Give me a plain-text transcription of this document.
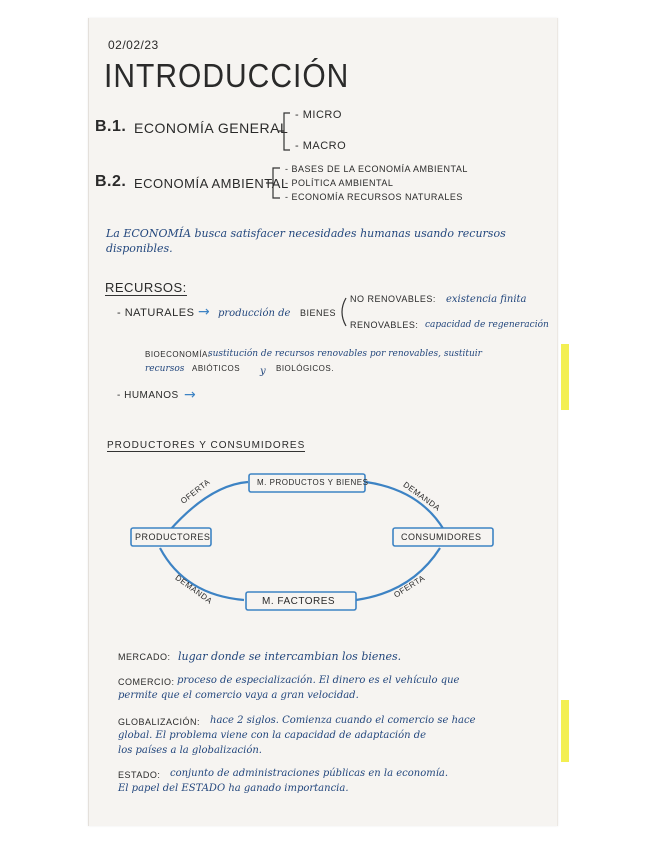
02/02/23
INTRODUCCIÓN
B.1. ECONOMÍA GENERAL
- MICRO
- MACRO
B.2. ECONOMÍA AMBIENTAL
- BASES DE LA ECONOMÍA AMBIENTAL
- POLÍTICA AMBIENTAL
- ECONOMÍA RECURSOS NATURALES
La ECONOMÍA busca satisfacer necesidades humanas usando recursos
disponibles.
RECURSOS:
- NATURALES → producción de BIENES
NO RENOVABLES: existencia finita
RENOVABLES: capacidad de regeneración
BIOECONOMÍA:
sustitución de recursos renovables por renovables, sustituir
recursos ABIÓTICOS y BIOLÓGICOS.
- HUMANOS →
PRODUCTORES Y CONSUMIDORES
M. PRODUCTOS Y BIENES
PRODUCTORES	CONSUMIDORES
M. FACTORES
OFERTA	DEMANDA
DEMANDA	OFERTA
MERCADO: lugar donde se intercambian los bienes.
COMERCIO: proceso de especialización. El dinero es el vehículo que
permite que el comercio vaya a gran velocidad.
GLOBALIZACIÓN: hace 2 siglos. Comienza cuando el comercio se hace
global. El problema viene con la capacidad de adaptación de
los países a la globalización.
ESTADO: conjunto de administraciones públicas en la economía.
El papel del ESTADO ha ganado importancia.
